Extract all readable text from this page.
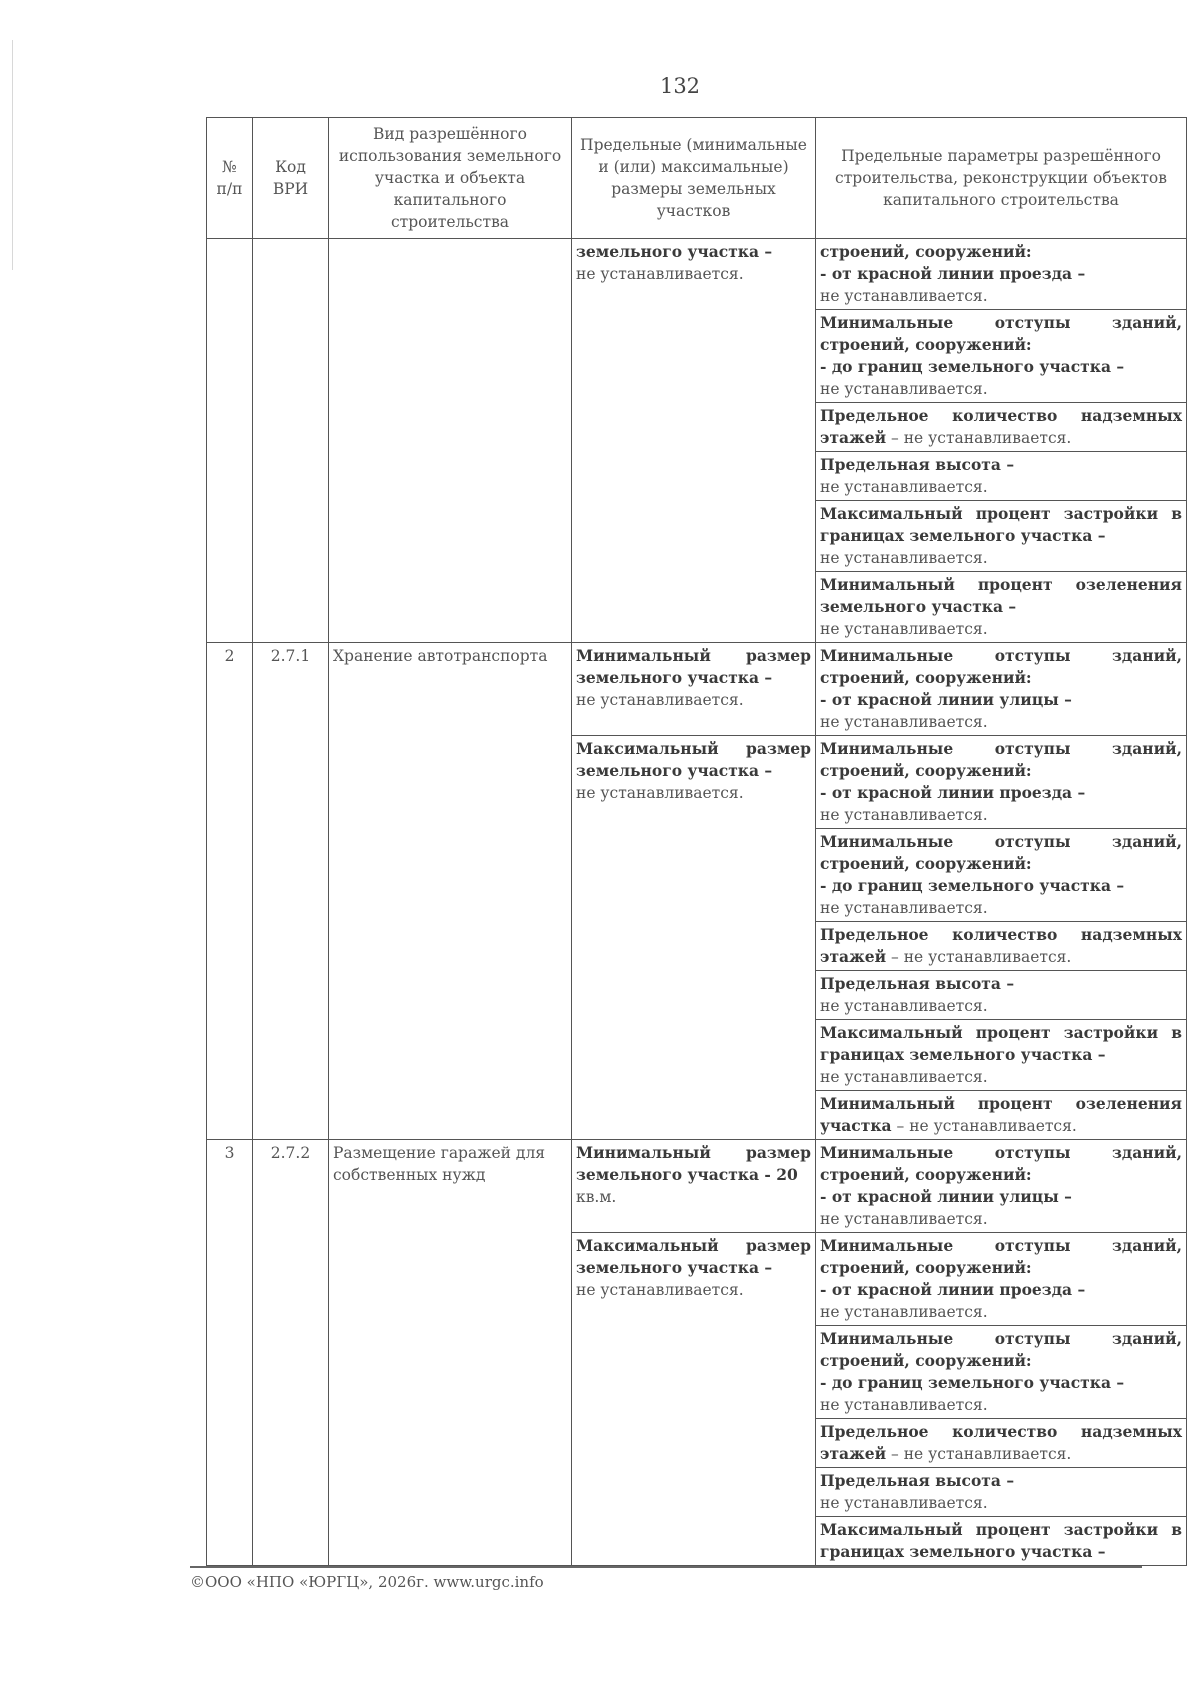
132
№ п/п	Код ВРИ	Вид разрешённого использования земельного участка и объекта капитального строительства	Предельные (минимальные и (или) максимальные) размеры земельных участков	Предельные параметры разрешённого строительства, реконструкции объектов капитального строительства

			земельного участка –
не устанавливается.	строений, сооружений:
- от красной линии проезда –
не устанавливается.

				Минимальные отступы зданий, строений, сооружений:
- до границ земельного участка –
не устанавливается.

				Предельное количество надземных этажей – не устанавливается.

				Предельная высота –
не устанавливается.

				Максимальный процент застройки в границах земельного участка –
не устанавливается.

				Минимальный процент озеленения земельного участка –
не устанавливается.

2	2.7.1	Хранение автотранспорта	Минимальный размер земельного участка –
не устанавливается.	Минимальные отступы зданий, строений, сооружений:
- от красной линии улицы –
не устанавливается.

			Максимальный размер земельного участка –
не устанавливается.	Минимальные отступы зданий, строений, сооружений:
- от красной линии проезда –
не устанавливается.

				Минимальные отступы зданий, строений, сооружений:
- до границ земельного участка –
не устанавливается.

				Предельное количество надземных этажей – не устанавливается.

				Предельная высота –
не устанавливается.

				Максимальный процент застройки в границах земельного участка –
не устанавливается.

				Минимальный процент озеленения участка – не устанавливается.
3	2.7.2	Размещение гаражей для собственных нужд	Минимальный размер земельного участка - 20
кв.м.	Минимальные отступы зданий, строений, сооружений:
- от красной линии улицы –
не устанавливается.

			Максимальный размер земельного участка –
не устанавливается.	Минимальные отступы зданий, строений, сооружений:
- от красной линии проезда –
не устанавливается.

				Минимальные отступы зданий, строений, сооружений:
- до границ земельного участка –
не устанавливается.

				Предельное количество надземных этажей – не устанавливается.

				Предельная высота –
не устанавливается.

				Максимальный процент застройки в границах земельного участка –
©ООО «НПО «ЮРГЦ», 2026г. www.urgc.info
